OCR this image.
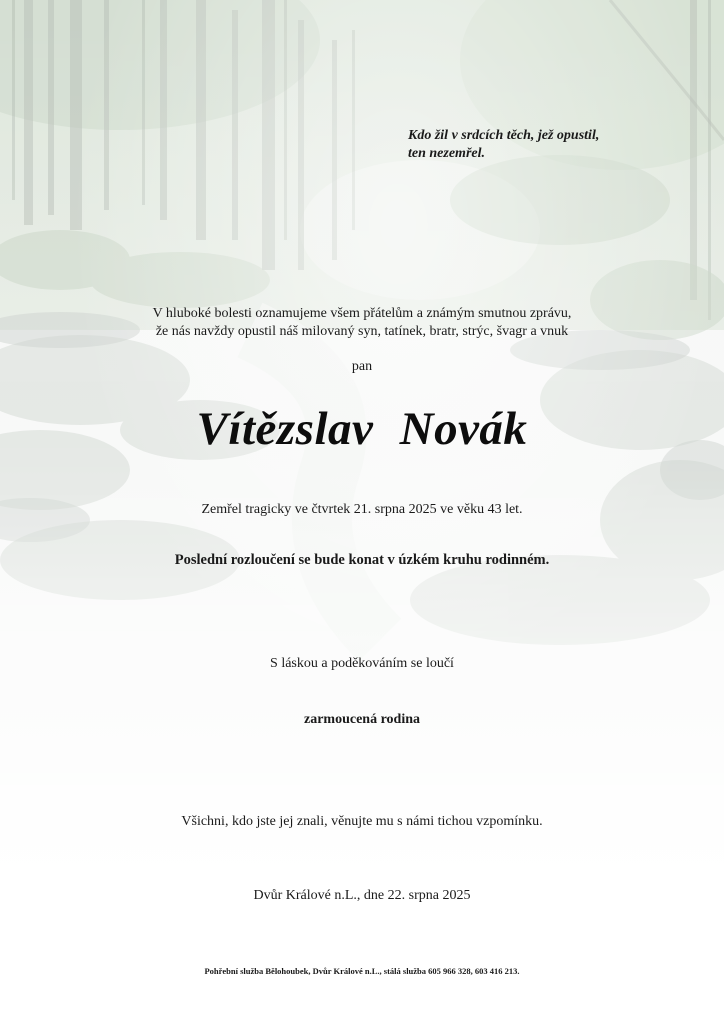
Kdo žil v srdcích těch, jež opustil,
ten nezemřel.
V hluboké bolesti oznamujeme všem přátelům a známým smutnou zprávu,
že nás navždy opustil náš milovaný syn, tatínek, bratr, strýc, švagr a vnuk
pan
Vítězslav Novák
Zemřel tragicky ve čtvrtek 21. srpna 2025 ve věku 43 let.
Poslední rozloučení se bude konat v úzkém kruhu rodinném.
S láskou a poděkováním se loučí
zarmoucená rodina
Všichni, kdo jste jej znali, věnujte mu s námi tichou vzpomínku.
Dvůr Králové n.L., dne 22. srpna 2025
Pohřební služba Bělohoubek, Dvůr Králové n.L., stálá služba 605 966 328, 603 416 213.
